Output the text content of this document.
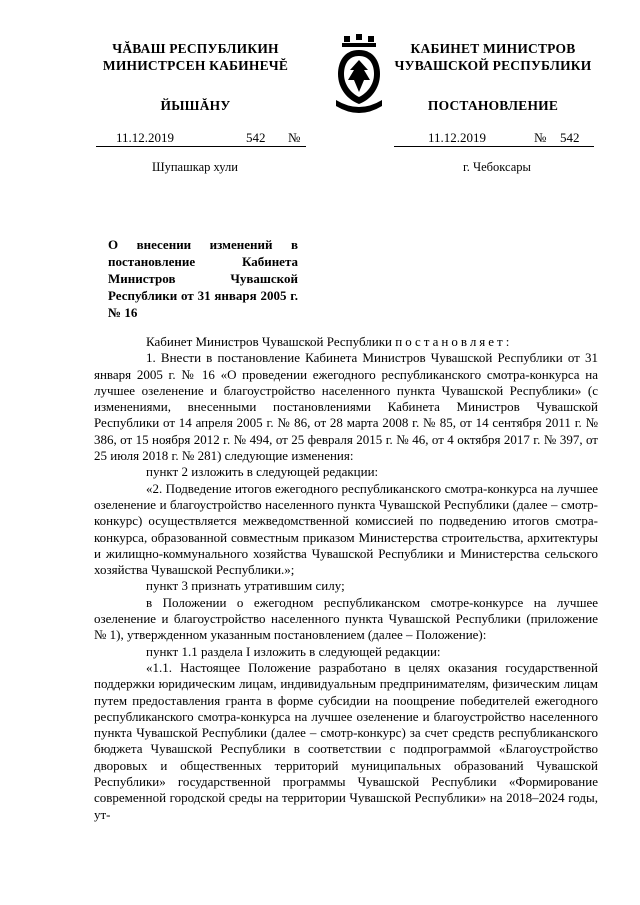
ЧĂВАШ РЕСПУБЛИКИН
МИНИСТРСЕН КАБИНЕЧĔ
ЙЫШĂНУ
КАБИНЕТ МИНИСТРОВ
ЧУВАШСКОЙ РЕСПУБЛИКИ
ПОСТАНОВЛЕНИЕ
11.12.2019	542 №	11.12.2019	№ 542
Шупашкар хули	г. Чебоксары
О внесении изменений в постановление Кабинета Министров Чувашской Республики от 31 января 2005 г. № 16

Кабинет Министров Чувашской Республики постановляет:

1. Внести в постановление Кабинета Министров Чувашской Республики от 31 января 2005 г. № 16 «О проведении ежегодного республиканского смотра-конкурса на лучшее озеленение и благоустройство населенного пункта Чувашской Республики» (с изменениями, внесенными постановлениями Кабинета Министров Чувашской Республики от 14 апреля 2005 г. № 86, от 28 марта 2008 г. № 85, от 14 сентября 2011 г. № 386, от 15 ноября 2012 г. № 494, от 25 февраля 2015 г. № 46, от 4 октября 2017 г. № 397, от 25 июля 2018 г. № 281) следующие изменения:

пункт 2 изложить в следующей редакции:

«2. Подведение итогов ежегодного республиканского смотра-конкурса на лучшее озеленение и благоустройство населенного пункта Чувашской Республики (далее – смотр-конкурс) осуществляется межведомственной комиссией по подведению итогов смотра-конкурса, образованной совместным приказом Министерства строительства, архитектуры и жилищно-коммунального хозяйства Чувашской Республики и Министерства сельского хозяйства Чувашской Республики.»;

пункт 3 признать утратившим силу;

в Положении о ежегодном республиканском смотре-конкурсе на лучшее озеленение и благоустройство населенного пункта Чувашской Республики (приложение № 1), утвержденном указанным постановлением (далее – Положение):

пункт 1.1 раздела I изложить в следующей редакции:

«1.1. Настоящее Положение разработано в целях оказания государственной поддержки юридическим лицам, индивидуальным предпринимателям, физическим лицам путем предоставления гранта в форме субсидии на поощрение победителей ежегодного республиканского смотра-конкурса на лучшее озеленение и благоустройство населенного пункта Чувашской Республики (далее – смотр-конкурс) за счет средств республиканского бюджета Чувашской Республики в соответствии с подпрограммой «Благоустройство дворовых и общественных территорий муниципальных образований Чувашской Республики» государственной программы Чувашской Республики «Формирование современной городской среды на территории Чувашской Республики» на 2018–2024 годы, ут-
